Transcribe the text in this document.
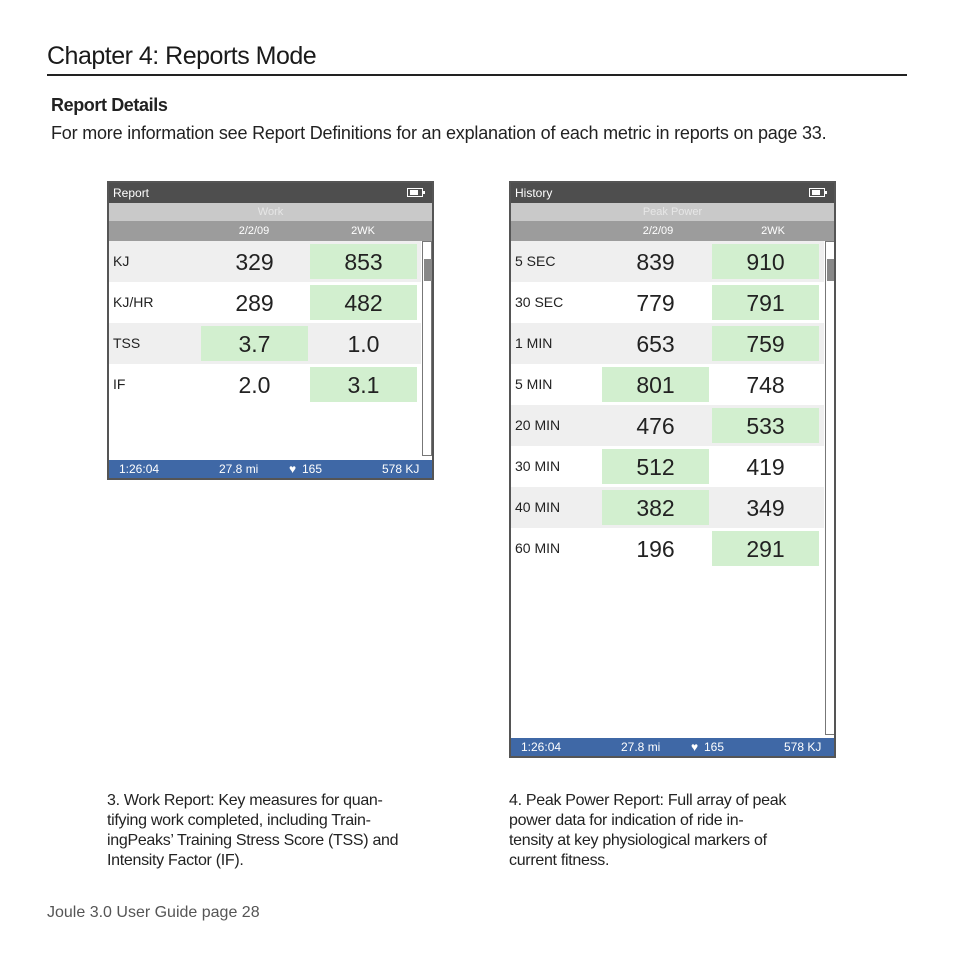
Chapter 4: Reports Mode
Report Details
For more information see Report Definitions for an explanation of each metric in reports on page 33.
Report
Work
2/2/09	2WK
KJ	329	853
KJ/HR	289	482
TSS	3.7	1.0
IF	2.0	3.1
1:26:04	27.8 mi	♥ 165	578 KJ
History
Peak Power
2/2/09	2WK
5 SEC	839	910
30 SEC	779	791
1 MIN	653	759
5 MIN	801	748
20 MIN	476	533
30 MIN	512	419
40 MIN	382	349
60 MIN	196	291
1:26:04	27.8 mi	♥ 165	578 KJ
3. Work Report: Key measures for quan-
tifying work completed, including Train-
ingPeaks’ Training Stress Score (TSS) and
Intensity Factor (IF).
4. Peak Power Report: Full array of peak
power data for indication of ride in-
tensity at key physiological markers of
current fitness.
Joule 3.0 User Guide page 28
